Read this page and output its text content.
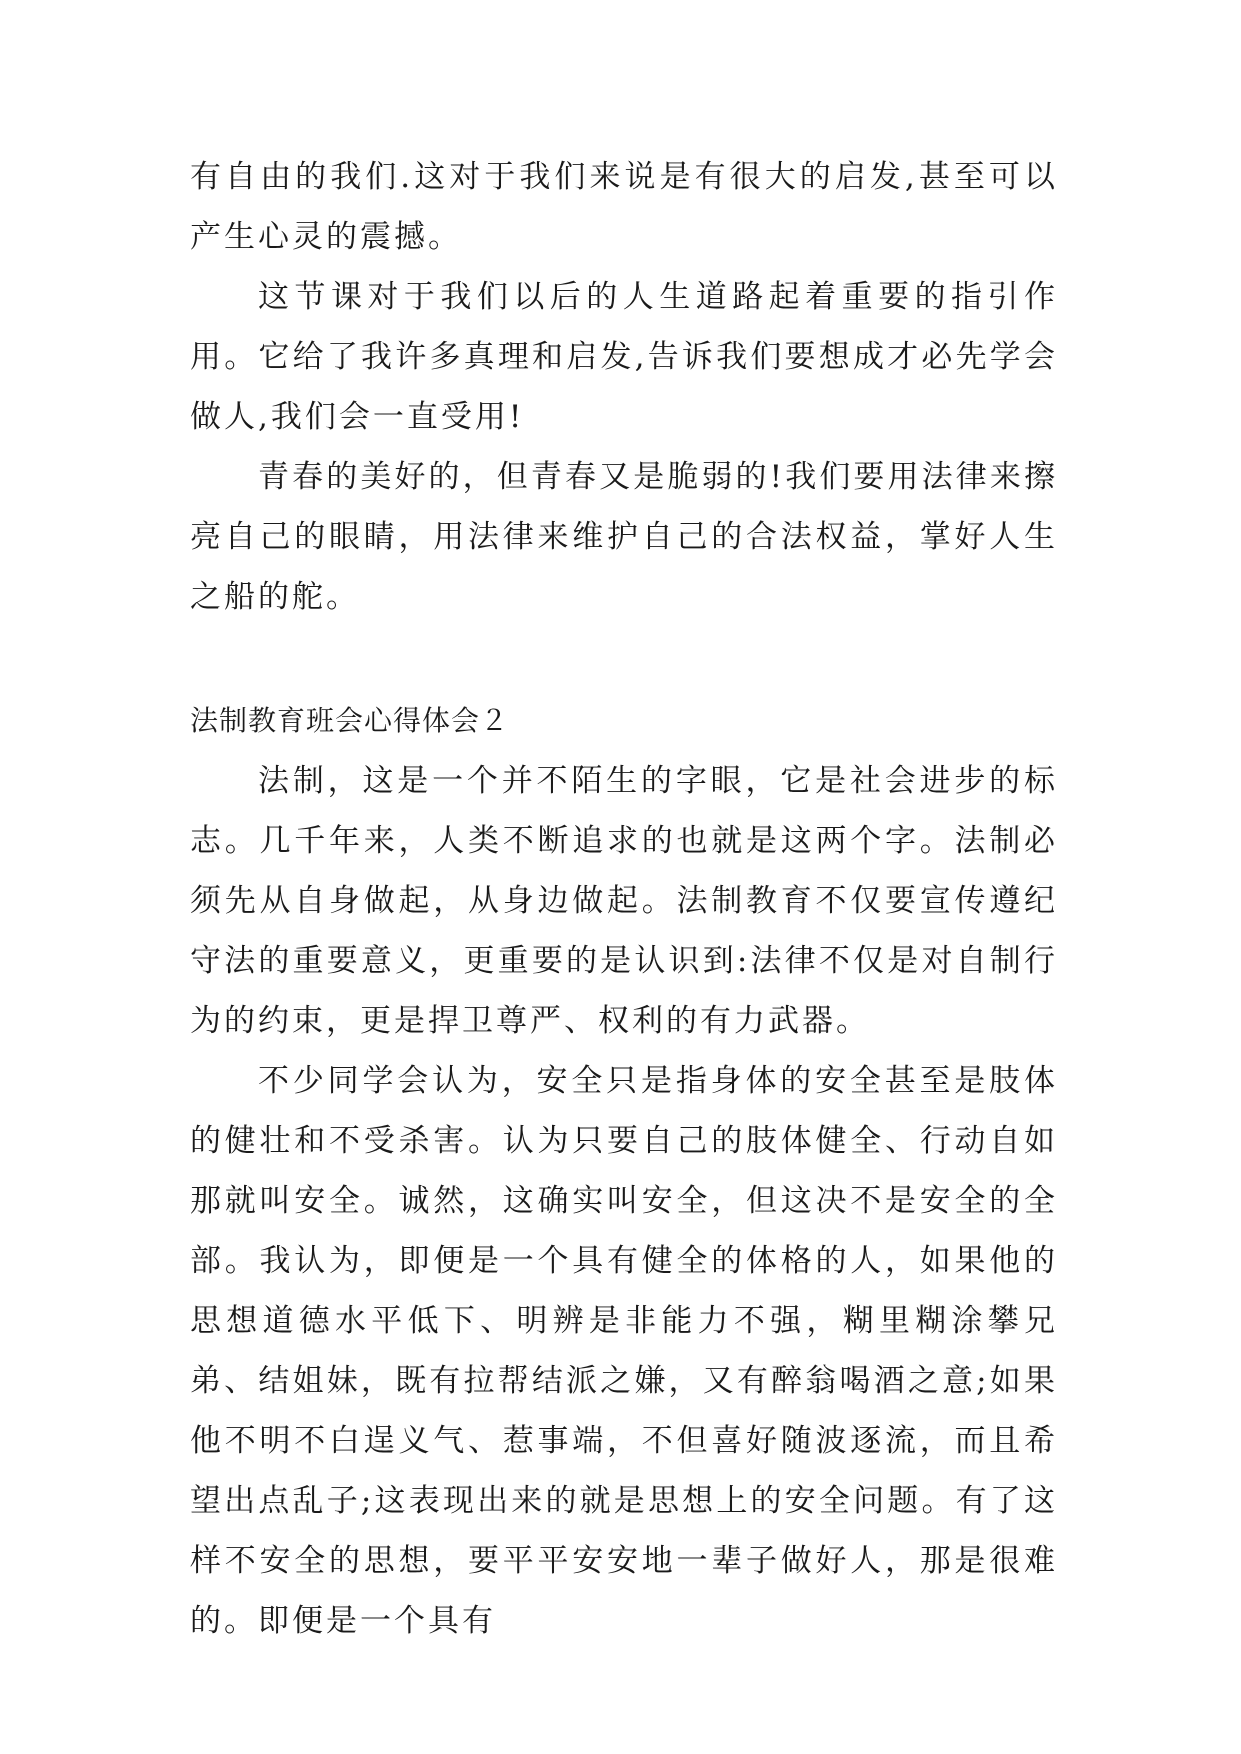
有自由的我们.这对于我们来说是有很大的启发,甚至可以产生心灵的震撼。

这节课对于我们以后的人生道路起着重要的指引作用。它给了我许多真理和启发,告诉我们要想成才必先学会做人,我们会一直受用!

青春的美好的，但青春又是脆弱的!我们要用法律来擦亮自己的眼睛，用法律来维护自己的合法权益，掌好人生之船的舵。

法制教育班会心得体会２

法制，这是一个并不陌生的字眼，它是社会进步的标志。几千年来，人类不断追求的也就是这两个字。法制必须先从自身做起，从身边做起。法制教育不仅要宣传遵纪守法的重要意义，更重要的是认识到:法律不仅是对自制行为的约束，更是捍卫尊严、权利的有力武器。

不少同学会认为，安全只是指身体的安全甚至是肢体的健壮和不受杀害。认为只要自己的肢体健全、行动自如那就叫安全。诚然，这确实叫安全，但这决不是安全的全部。我认为，即便是一个具有健全的体格的人，如果他的思想道德水平低下、明辨是非能力不强，糊里糊涂攀兄弟、结姐妹，既有拉帮结派之嫌，又有醉翁喝酒之意;如果他不明不白逞义气、惹事端，不但喜好随波逐流，而且希望出点乱子;这表现出来的就是思想上的安全问题。有了这样不安全的思想，要平平安安地一辈子做好人，那是很难的。即便是一个具有
